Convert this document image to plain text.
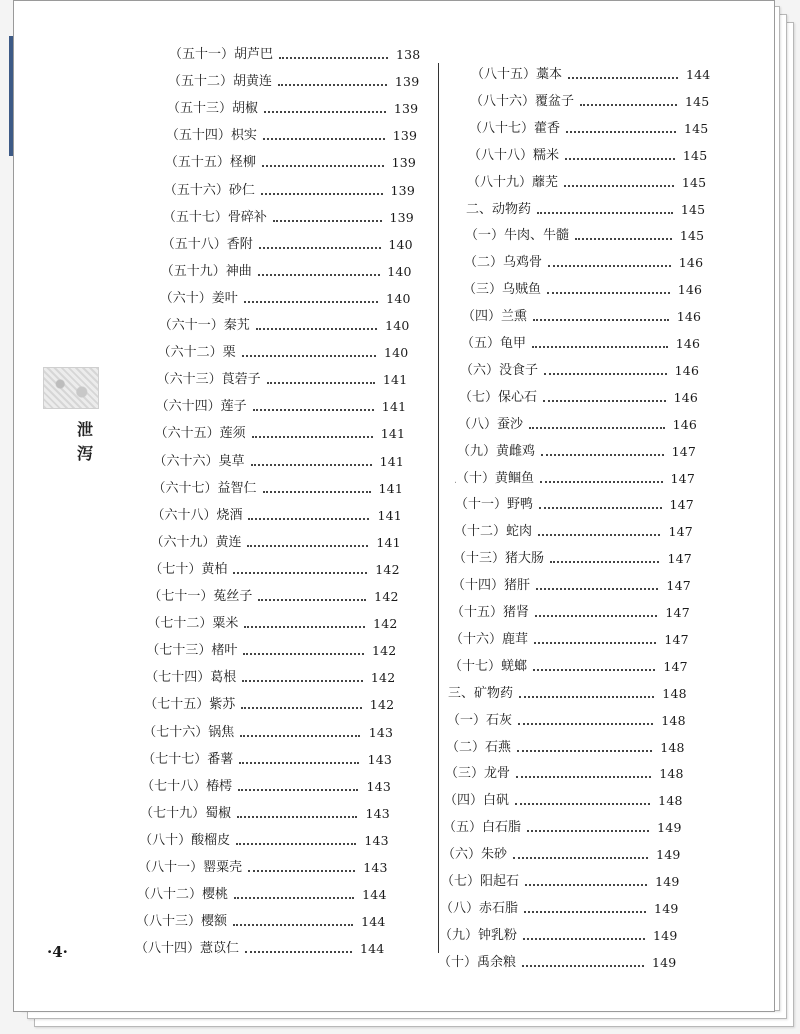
泄
泻
·4·
（五十一）胡芦巴	138
（五十二）胡黄连	139
（五十三）胡椒	139
（五十四）枳实	139
（五十五）柽柳	139
（五十六）砂仁	139
（五十七）骨碎补	139
（五十八）香附	140
（五十九）神曲	140
（六十）姜叶	140
（六十一）秦艽	140
（六十二）栗	140
（六十三）莨菪子	141
（六十四）莲子	141
（六十五）莲须	141
（六十六）臭草	141
（六十七）益智仁	141
（六十八）烧酒	141
（六十九）黄连	141
（七十）黄柏	142
（七十一）菟丝子	142
（七十二）粟米	142
（七十三）楮叶	142
（七十四）葛根	142
（七十五）紫苏	142
（七十六）锅焦	143
（七十七）番薯	143
（七十八）椿樗	143
（七十九）蜀椒	143
（八十）酸榴皮	143
（八十一）罂粟壳	143
（八十二）樱桃	144
（八十三）樱额	144
（八十四）薏苡仁	144
（八十五）藁本	144
（八十六）覆盆子	145
（八十七）藿香	145
（八十八）糯米	145
（八十九）蘼芜	145
二、动物药	145
（一）牛肉、牛髓	145
（二）乌鸡骨	146
（三）乌贼鱼	146
（四）兰熏	146
（五）龟甲	146
（六）没食子	146
（七）保心石	146
（八）蚕沙	146
（九）黄雌鸡	147
（十）黄鲴鱼	147
（十一）野鸭	147
（十二）蛇肉	147
（十三）猪大肠	147
（十四）猪肝	147
（十五）猪肾	147
（十六）鹿茸	147
（十七）蜣螂	147
三、矿物药	148
（一）石灰	148
（二）石燕	148
（三）龙骨	148
（四）白矾	148
（五）白石脂	149
（六）朱砂	149
（七）阳起石	149
（八）赤石脂	149
（九）钟乳粉	149
（十）禹余粮	149
